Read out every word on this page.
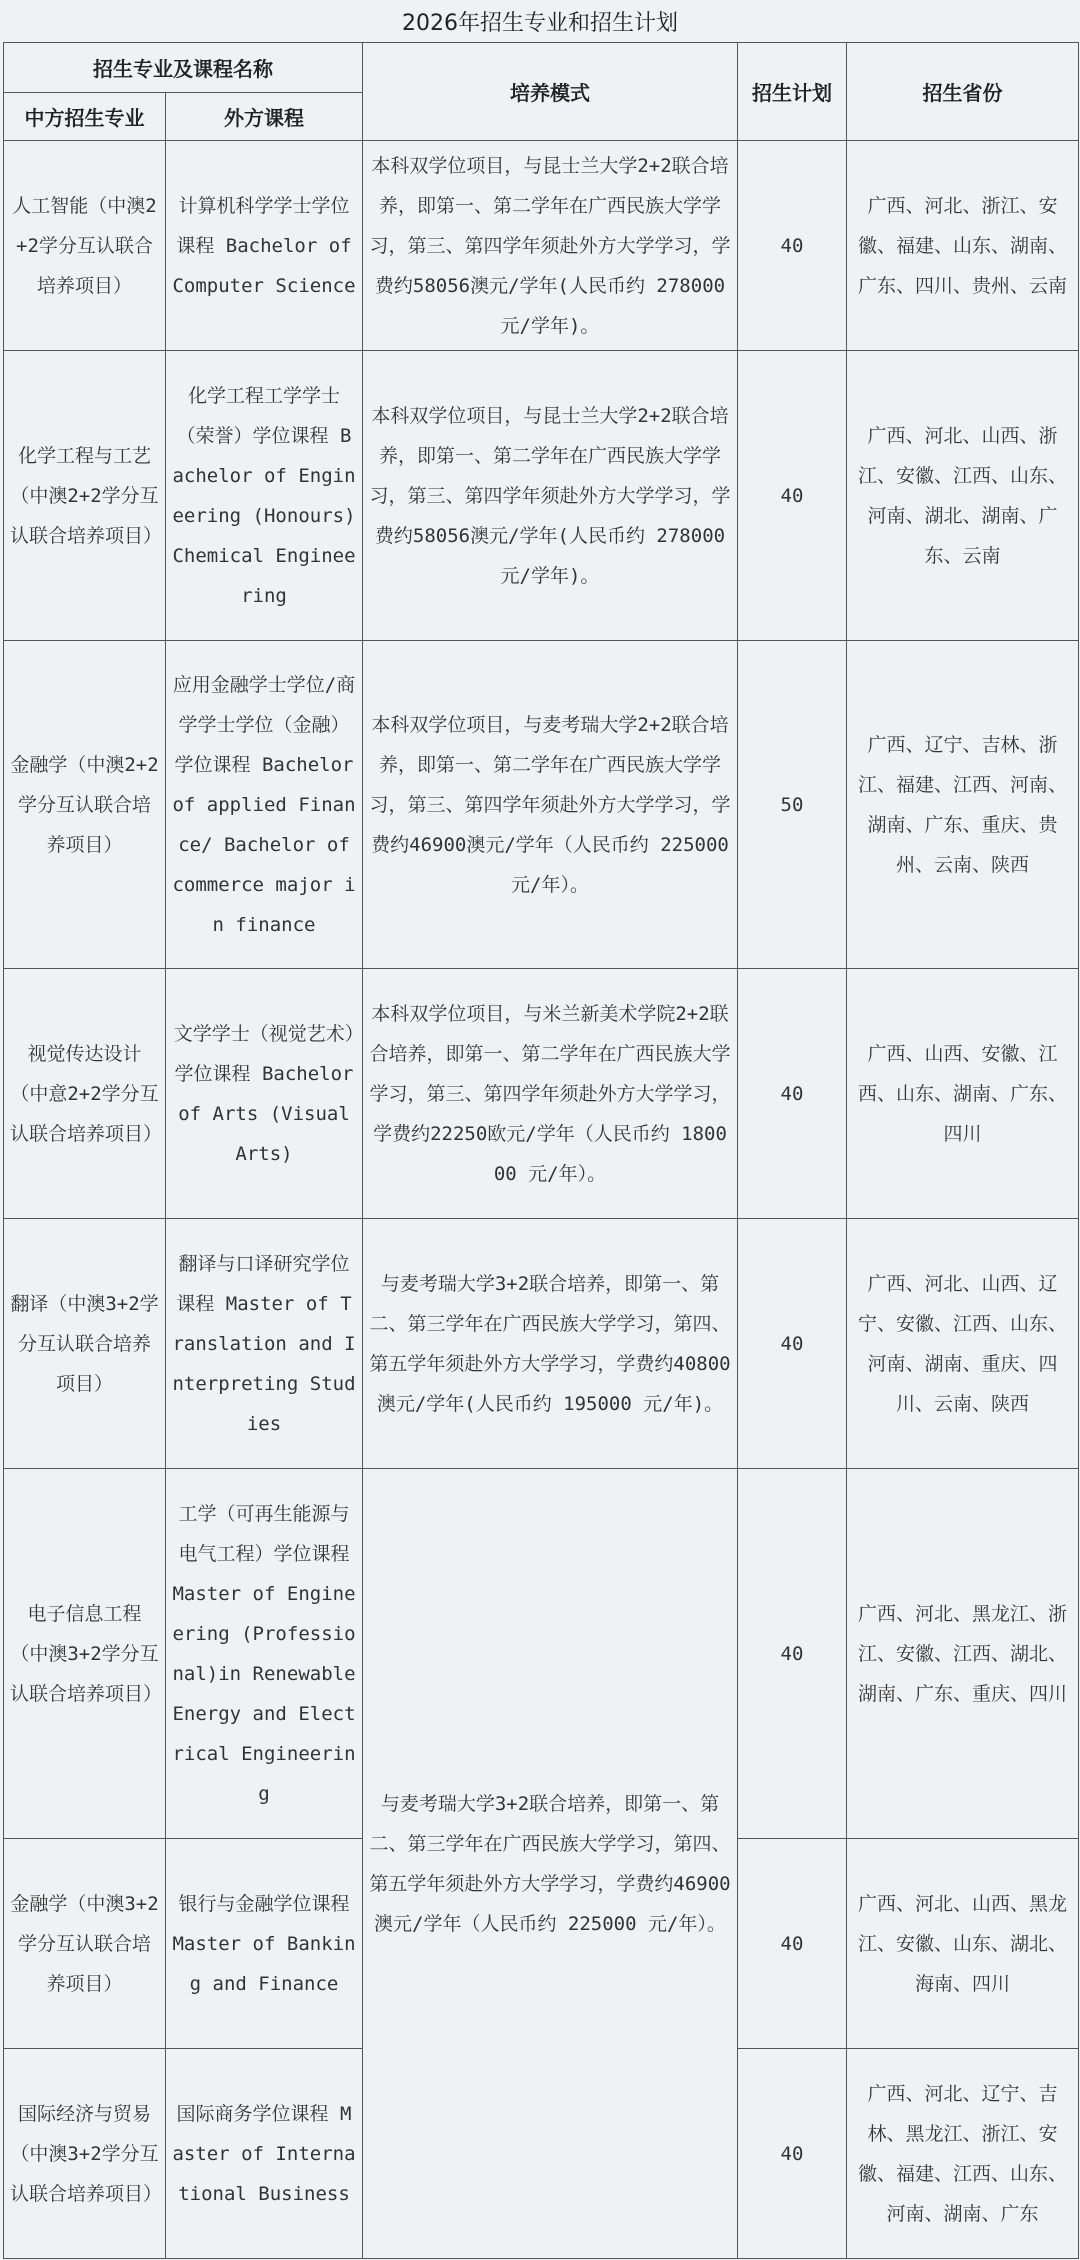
2026年招生专业和招生计划
招生专业及课程名称		培养模式	招生计划	招生省份
中方招生专业	外方课程			
人工智能（中澳2+2学分互认联合培养项目）	计算机科学学士学位课程 Bachelor of Computer Science	本科双学位项目，与昆士兰大学2+2联合培养，即第一、第二学年在广西民族大学学习，第三、第四学年须赴外方大学学习，学费约58056澳元/学年(人民币约 278000元/学年)。	40	广西、河北、浙江、安徽、福建、山东、湖南、广东、四川、贵州、云南
化学工程与工艺（中澳2+2学分互认联合培养项目）	化学工程工学学士（荣誉）学位课程 Bachelor of Engineering (Honours) Chemical Engineering	本科双学位项目，与昆士兰大学2+2联合培养，即第一、第二学年在广西民族大学学习，第三、第四学年须赴外方大学学习，学费约58056澳元/学年(人民币约 278000元/学年)。	40	广西、河北、山西、浙江、安徽、江西、山东、河南、湖北、湖南、广东、云南
金融学（中澳2+2学分互认联合培养项目）	应用金融学士学位/商学学士学位（金融）学位课程 Bachelor of applied Finance/ Bachelor of commerce major in finance	本科双学位项目，与麦考瑞大学2+2联合培养，即第一、第二学年在广西民族大学学习，第三、第四学年须赴外方大学学习，学费约46900澳元/学年（人民币约 225000 元/年）。	50	广西、辽宁、吉林、浙江、福建、江西、河南、湖南、广东、重庆、贵州、云南、陕西
视觉传达设计（中意2+2学分互认联合培养项目）	文学学士（视觉艺术）学位课程 Bachelor of Arts (Visual Arts)	本科双学位项目，与米兰新美术学院2+2联合培养，即第一、第二学年在广西民族大学学习，第三、第四学年须赴外方大学学习，学费约22250欧元/学年（人民币约 180000 元/年）。	40	广西、山西、安徽、江西、山东、湖南、广东、四川
翻译（中澳3+2学分互认联合培养项目）	翻译与口译研究学位课程 Master of Translation and Interpreting Studies	与麦考瑞大学3+2联合培养，即第一、第二、第三学年在广西民族大学学习，第四、第五学年须赴外方大学学习，学费约40800澳元/学年(人民币约 195000 元/年)。	40	广西、河北、山西、辽宁、安徽、江西、山东、河南、湖南、重庆、四川、云南、陕西
电子信息工程（中澳3+2学分互认联合培养项目）	工学（可再生能源与电气工程）学位课程 Master of Engineering (Professional)in Renewable Energy and Electrical Engineering	与麦考瑞大学3+2联合培养，即第一、第二、第三学年在广西民族大学学习，第四、第五学年须赴外方大学学习，学费约46900澳元/学年（人民币约 225000 元/年）。	40	广西、河北、黑龙江、浙江、安徽、江西、湖北、湖南、广东、重庆、四川
金融学（中澳3+2学分互认联合培养项目）	银行与金融学位课程 Master of Banking and Finance		40	广西、河北、山西、黑龙江、安徽、山东、湖北、海南、四川
国际经济与贸易（中澳3+2学分互认联合培养项目）	国际商务学位课程 Master of International Business		40	广西、河北、辽宁、吉林、黑龙江、浙江、安徽、福建、江西、山东、河南、湖南、广东
